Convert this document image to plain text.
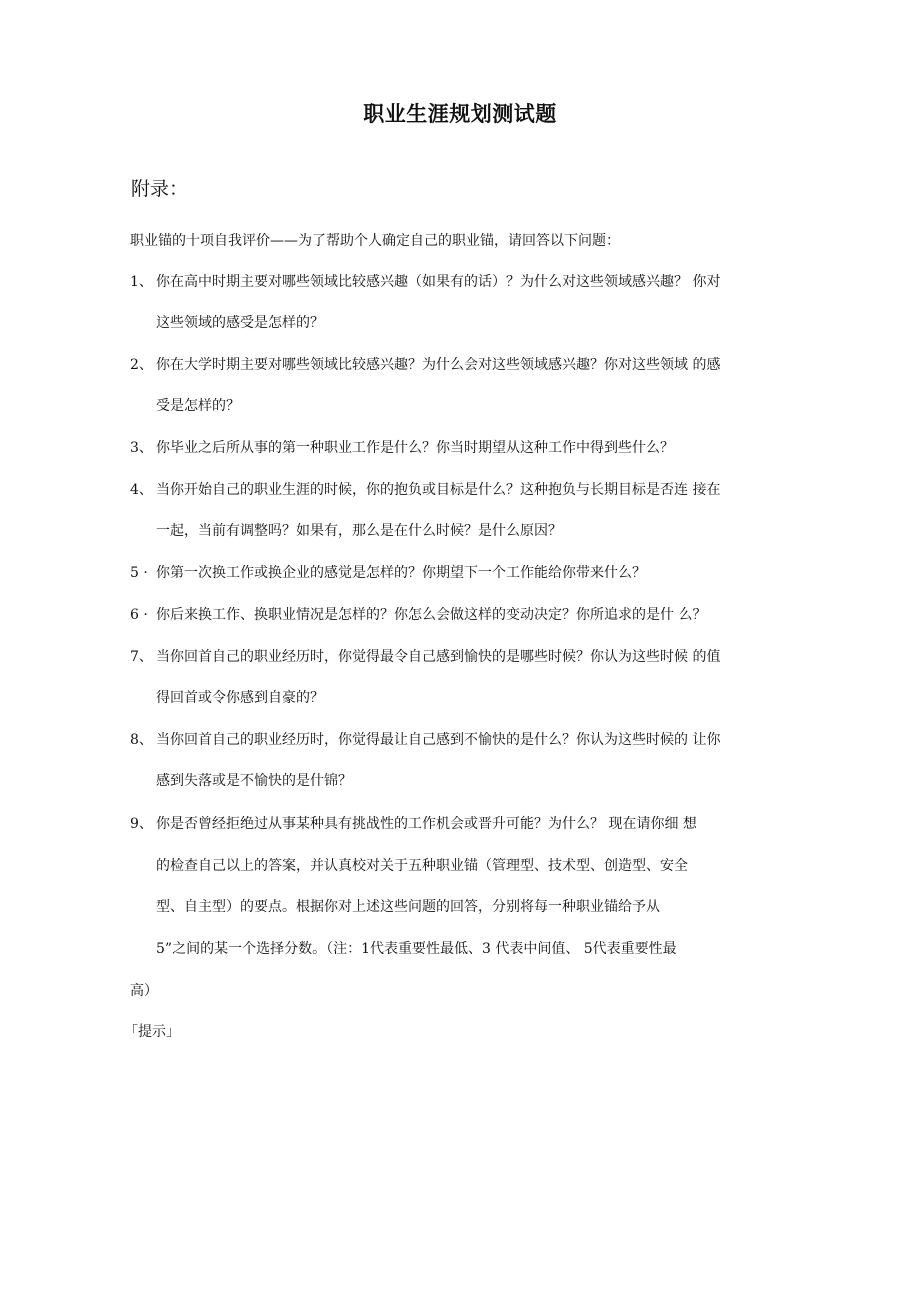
职业生涯规划测试题
附录：
职业锚的十项自我评价——为了帮助个人确定自己的职业锚，请回答以下问题：
1、 你在高中时期主要对哪些领域比较感兴趣（如果有的话）？为什么对这些领域感兴趣？ 你对
这些领域的感受是怎样的？
2、 你在大学时期主要对哪些领域比较感兴趣？为什么会对这些领域感兴趣？你对这些领域 的感
受是怎样的？
3、 你毕业之后所从事的第一种职业工作是什么？你当时期望从这种工作中得到些什么？
4、 当你开始自己的职业生涯的时候，你的抱负或目标是什么？这种抱负与长期目标是否连 接在
一起，当前有调整吗？如果有，那么是在什么时候？是什么原因？
5 · 你第一次换工作或换企业的感觉是怎样的？你期望下一个工作能给你带来什么？
6 · 你后来换工作、换职业情况是怎样的？你怎么会做这样的变动决定？你所追求的是什 么？
7、 当你回首自己的职业经历时，你觉得最令自己感到愉快的是哪些时候？你认为这些时候 的值
得回首或令你感到自豪的？
8、 当你回首自己的职业经历时，你觉得最让自己感到不愉快的是什么？你认为这些时候的 让你
感到失落或是不愉快的是什锦？
9、 你是否曾经拒绝过从事某种具有挑战性的工作机会或晋升可能？为什么？ 现在请你细 想
的检查自己以上的答案，并认真校对关于五种职业锚（管理型、技术型、创造型、安全
型、自主型）的要点。根据你对上述这些问题的回答，分别将每一种职业锚给予从
5”之间的某一个选择分数。（注：1代表重要性最低、3 代表中间值、 5代表重要性最
高）
「提示」
